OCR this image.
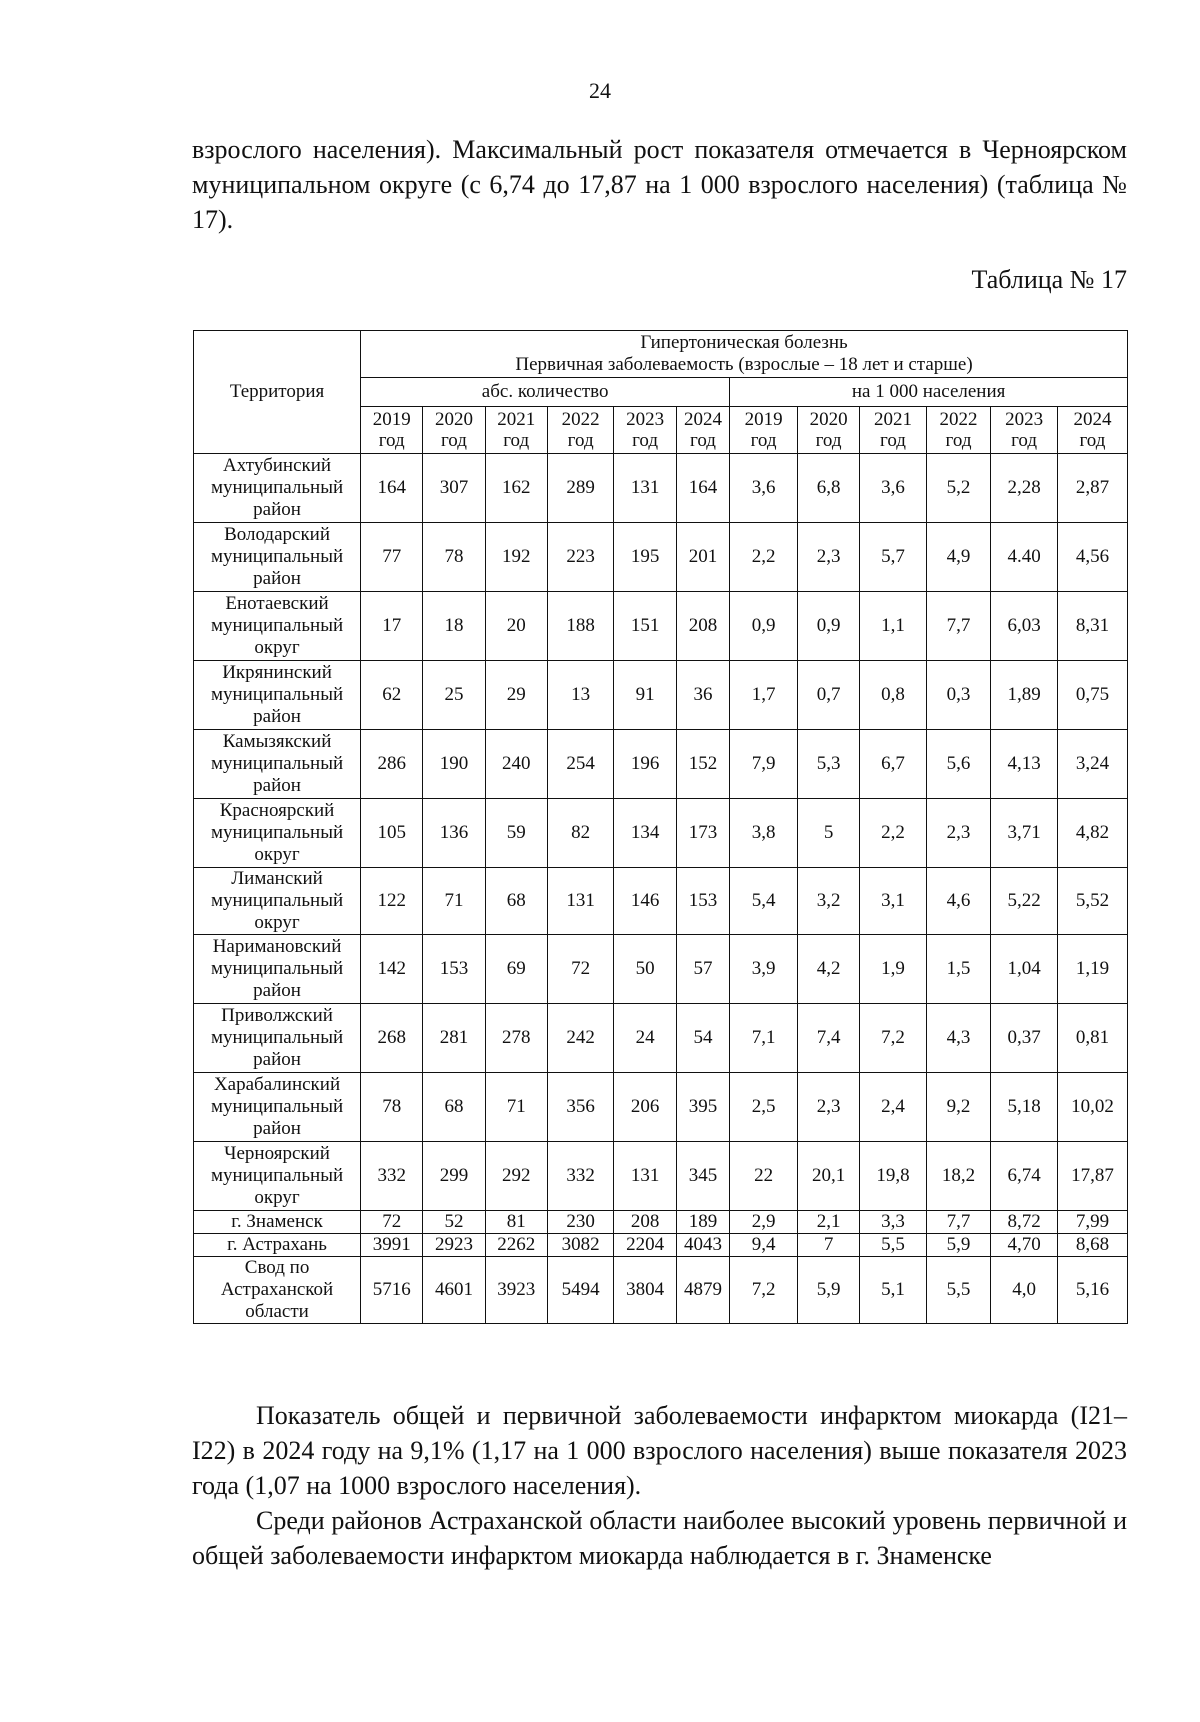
24

взрослого населения). Максимальный рост показателя отмечается в Черноярском муниципальном округе (с 6,74 до 17,87 на 1 000 взрослого населения) (таблица № 17).

Таблица № 17
Территория	Гипертоническая болезнь
Первичная заболеваемость (взрослые – 18 лет и старше)											

	абс. количество						на 1 000 населения					
	2019 год	2020 год	2021 год	2022 год	2023 год	2024 год	2019 год	2020 год	2021 год	2022 год	2023 год	2024 год
Ахтубинский муниципальный район	164	307	162	289	131	164	3,6	6,8	3,6	5,2	2,28	2,87
Володарский муниципальный район	77	78	192	223	195	201	2,2	2,3	5,7	4,9	4.40	4,56
Енотаевский муниципальный округ	17	18	20	188	151	208	0,9	0,9	1,1	7,7	6,03	8,31
Икрянинский муниципальный район	62	25	29	13	91	36	1,7	0,7	0,8	0,3	1,89	0,75
Камызякский муниципальный район	286	190	240	254	196	152	7,9	5,3	6,7	5,6	4,13	3,24
Красноярский муниципальный округ	105	136	59	82	134	173	3,8	5	2,2	2,3	3,71	4,82
Лиманский муниципальный округ	122	71	68	131	146	153	5,4	3,2	3,1	4,6	5,22	5,52
Наримановский муниципальный район	142	153	69	72	50	57	3,9	4,2	1,9	1,5	1,04	1,19
Приволжский муниципальный район	268	281	278	242	24	54	7,1	7,4	7,2	4,3	0,37	0,81
Харабалинский муниципальный район	78	68	71	356	206	395	2,5	2,3	2,4	9,2	5,18	10,02
Черноярский муниципальный округ	332	299	292	332	131	345	22	20,1	19,8	18,2	6,74	17,87
г. Знаменск	72	52	81	230	208	189	2,9	2,1	3,3	7,7	8,72	7,99
г. Астрахань	3991	2923	2262	3082	2204	4043	9,4	7	5,5	5,9	4,70	8,68
Свод по Астраханской области	5716	4601	3923	5494	3804	4879	7,2	5,9	5,1	5,5	4,0	5,16

Показатель общей и первичной заболеваемости инфарктом миокарда (I21–I22) в 2024 году на 9,1% (1,17 на 1 000 взрослого населения) выше показателя 2023 года (1,07 на 1000 взрослого населения).

Среди районов Астраханской области наиболее высокий уровень первичной и общей заболеваемости инфарктом миокарда наблюдается в г. Знаменске
